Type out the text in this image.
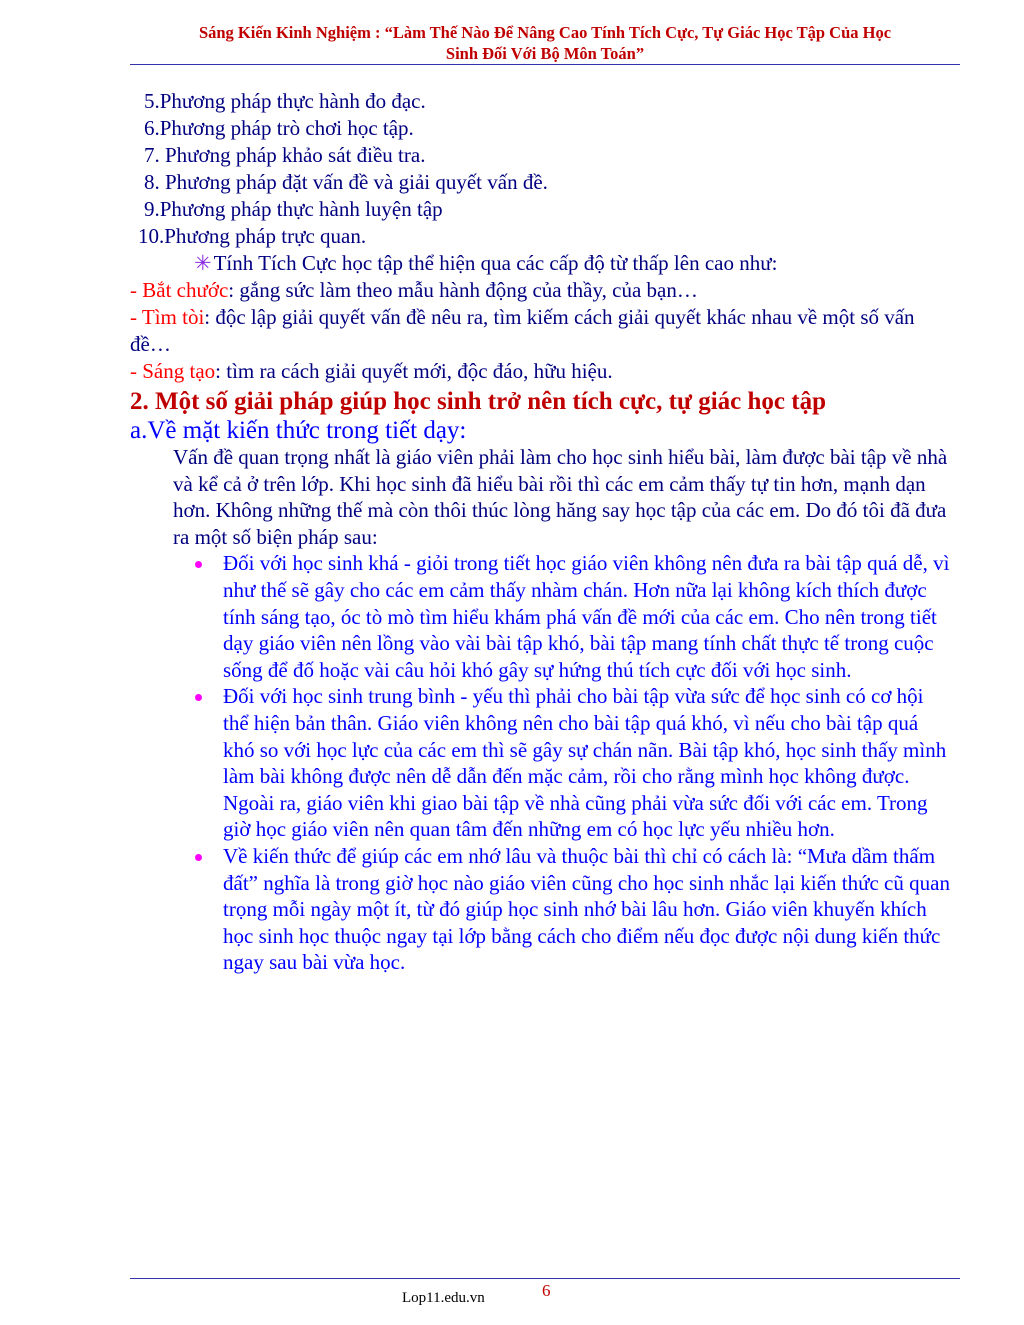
Sáng Kiến Kinh Nghiệm : “Làm Thế Nào Để Nâng Cao Tính Tích Cực, Tự Giác Học Tập Của Học
Sinh Đối Với Bộ Môn Toán”
5.Phương pháp thực hành đo đạc.
6.Phương pháp trò chơi học tập.
7. Phương pháp khảo sát điều tra.
8. Phương pháp đặt vấn đề và giải quyết vấn đề.
9.Phương pháp thực hành luyện tập
10.Phương pháp trực quan.
✳Tính Tích Cực học tập thể hiện qua các cấp độ từ thấp lên cao như:
- Bắt chước: gắng sức làm theo mẫu hành động của thầy, của bạn…
- Tìm tòi: độc lập giải quyết vấn đề nêu ra, tìm kiếm cách giải quyết khác nhau về một số vấn đề…
- Sáng tạo: tìm ra cách giải quyết mới, độc đáo, hữu hiệu.
2. Một số giải pháp giúp học sinh trở nên tích cực, tự giác học tập
a.Về mặt kiến thức trong tiết dạy:
Vấn đề quan trọng nhất là giáo viên phải làm cho học sinh hiểu bài, làm được bài tập về nhà và kể cả ở trên lớp. Khi học sinh đã hiểu bài rồi thì các em cảm thấy tự tin hơn, mạnh dạn hơn. Không những thế mà còn thôi thúc lòng hăng say học tập của các em. Do đó tôi đã đưa ra một số biện pháp sau:
Đối với học sinh khá - giỏi trong tiết học giáo viên không nên đưa ra bài tập quá dễ, vì như thế sẽ gây cho các em cảm thấy nhàm chán. Hơn nữa lại không kích thích được tính sáng tạo, óc tò mò tìm hiểu khám phá vấn đề mới của các em. Cho nên trong tiết dạy giáo viên nên lồng vào vài bài tập khó, bài tập mang tính chất thực tế trong cuộc sống để đố hoặc vài câu hỏi khó gây sự hứng thú tích cực đối với học sinh.
Đối với học sinh trung bình - yếu thì phải cho bài tập vừa sức để học sinh có cơ hội thể hiện bản thân. Giáo viên không nên cho bài tập quá khó, vì nếu cho bài tập quá khó so với học lực của các em thì sẽ gây sự chán nãn. Bài tập khó, học sinh thấy mình làm bài không được nên dễ dẫn đến mặc cảm, rồi cho rằng mình học không được. Ngoài ra, giáo viên khi giao bài tập về nhà cũng phải vừa sức đối với các em. Trong giờ học giáo viên nên quan tâm đến những em có học lực yếu nhiều hơn.
Về kiến thức để giúp các em nhớ lâu và thuộc bài thì chỉ có cách là: “Mưa dầm thấm đất” nghĩa là trong giờ học nào giáo viên cũng cho học sinh nhắc lại kiến thức cũ quan trọng mỗi ngày một ít, từ đó giúp học sinh nhớ bài lâu hơn. Giáo viên khuyến khích học sinh học thuộc ngay tại lớp bằng cách cho điểm nếu đọc được nội dung kiến thức ngay sau bài vừa học.
Lop11.edu.vn	6
